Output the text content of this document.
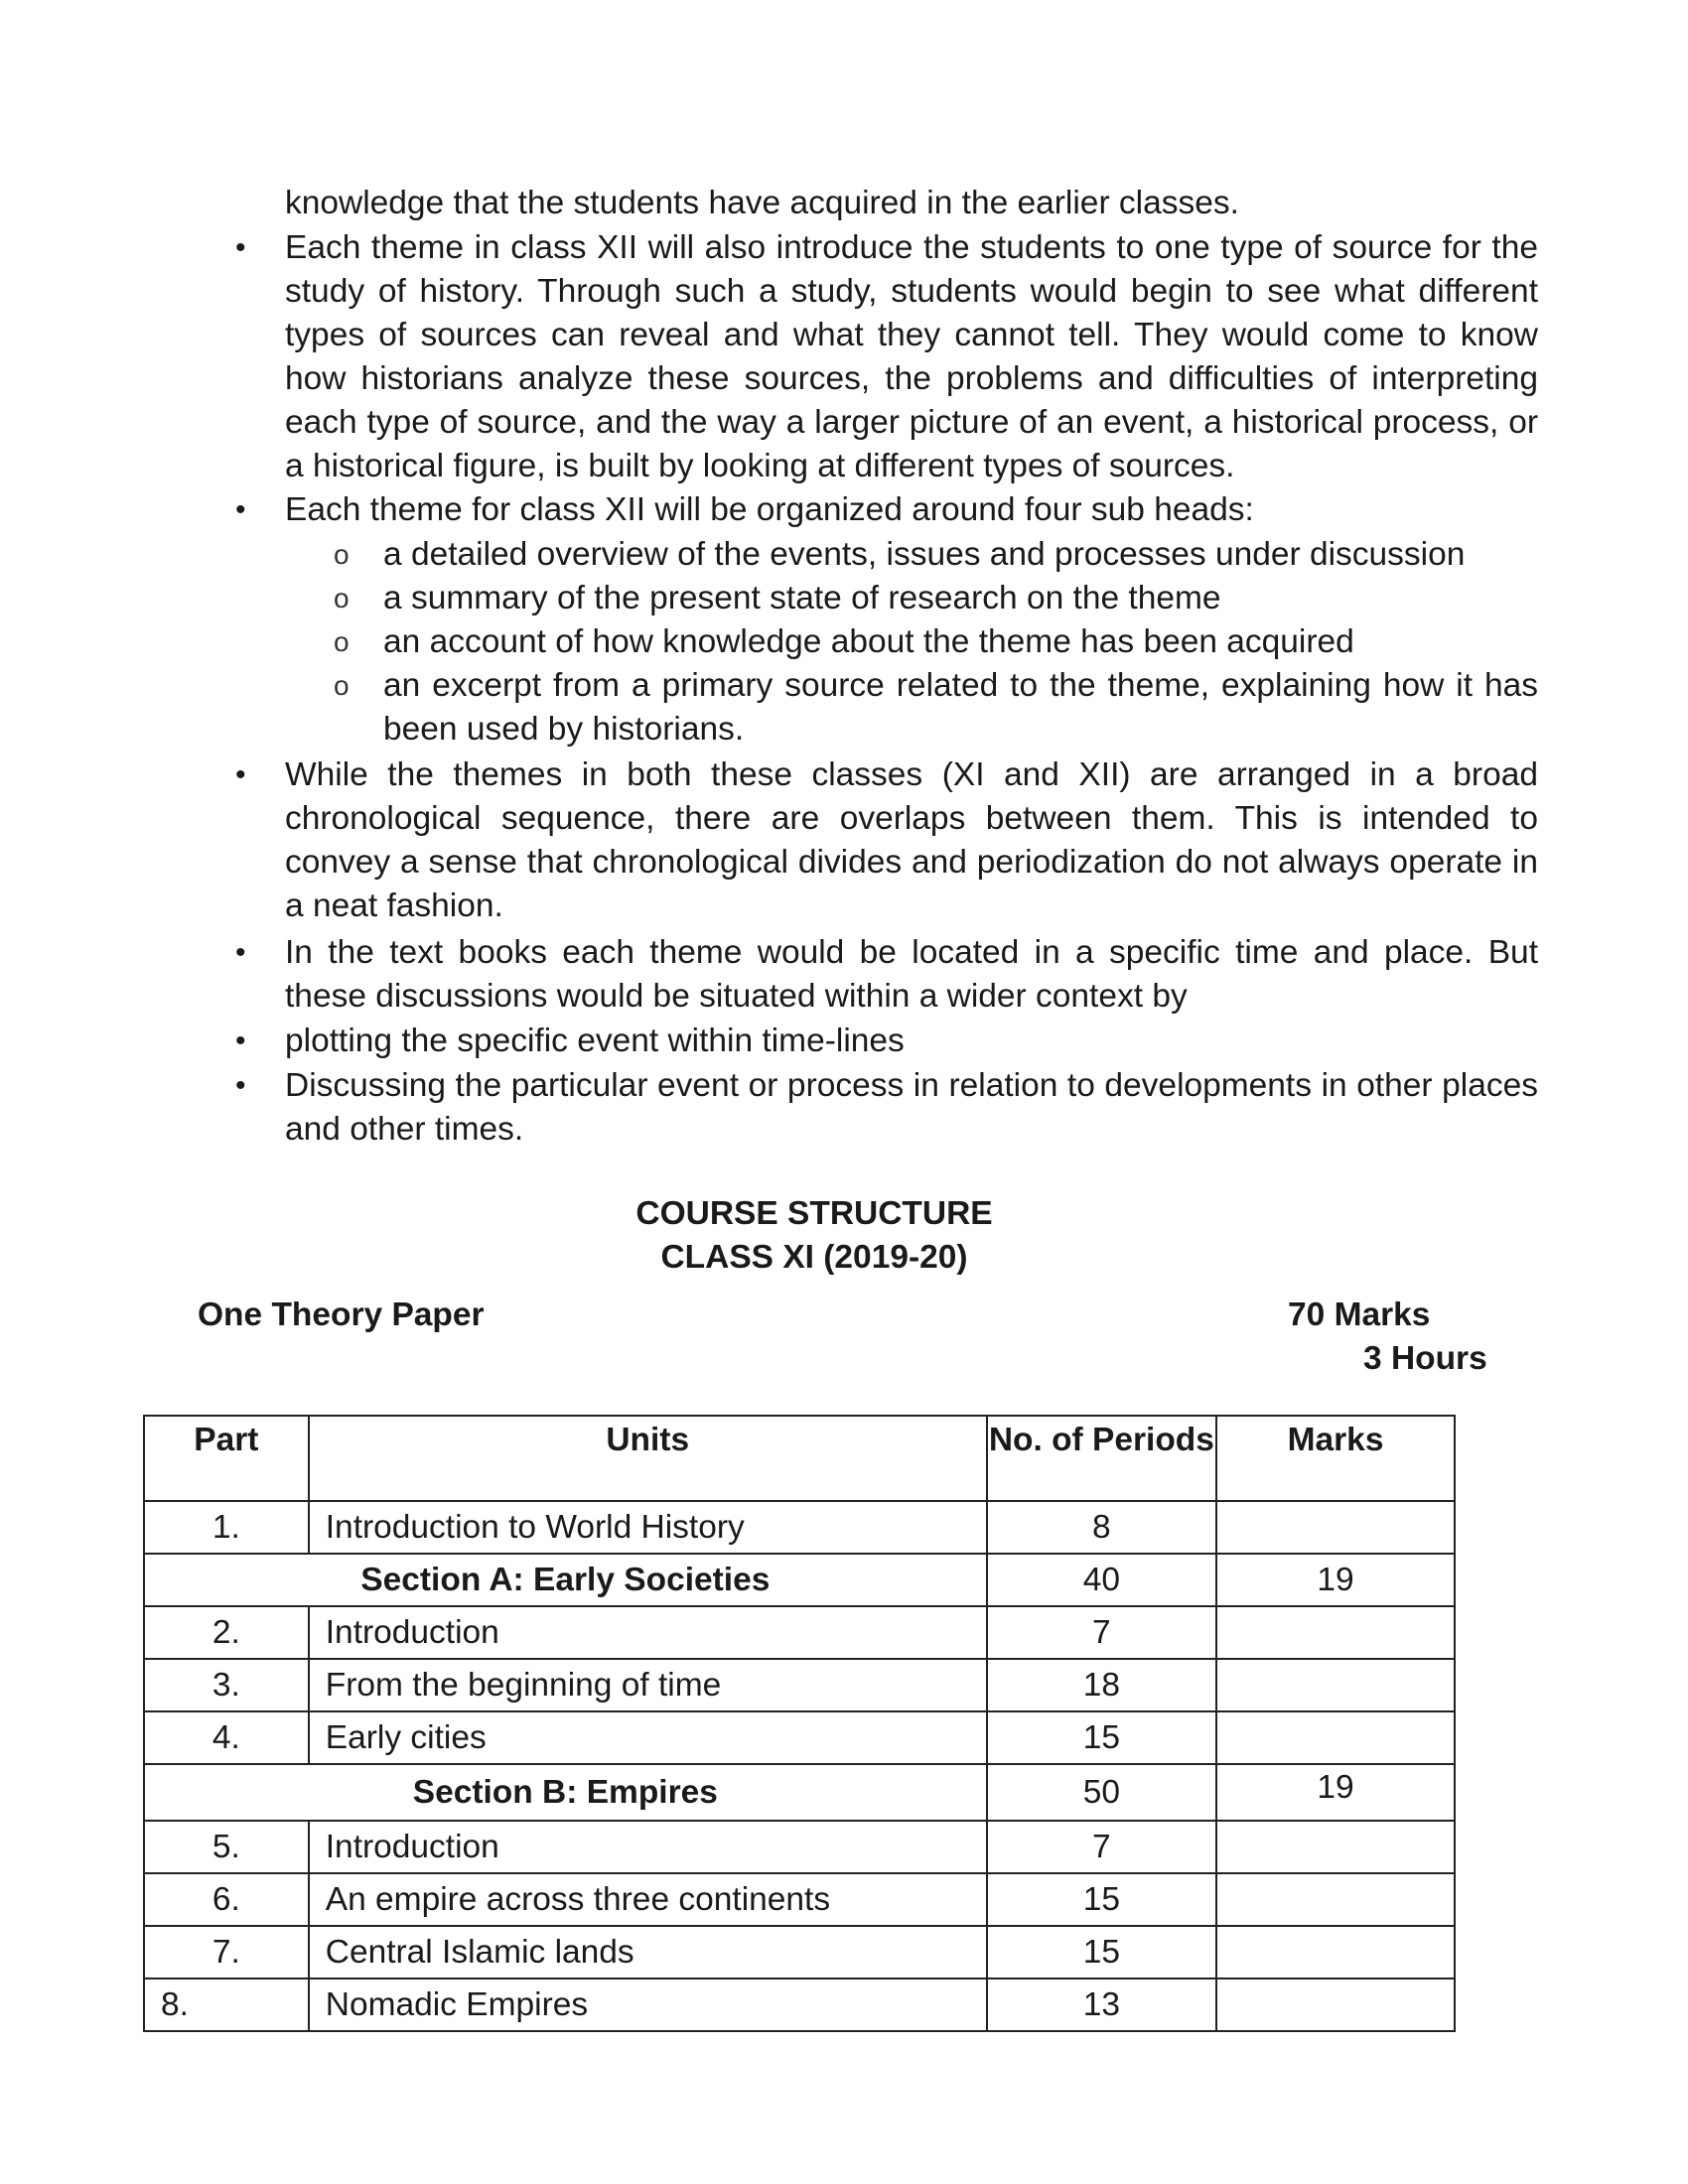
knowledge that the students have acquired in the earlier classes.
• Each theme in class XII will also introduce the students to one type of source for the study of history. Through such a study, students would begin to see what different types of sources can reveal and what they cannot tell. They would come to know how historians analyze these sources, the problems and difficulties of interpreting each type of source, and the way a larger picture of an event, a historical process, or a historical figure, is built by looking at different types of sources.
• Each theme for class XII will be organized around four sub heads:
o a detailed overview of the events, issues and processes under discussion
o a summary of the present state of research on the theme
o an account of how knowledge about the theme has been acquired
o an excerpt from a primary source related to the theme, explaining how it has been used by historians.
• While the themes in both these classes (XI and XII) are arranged in a broad chronological sequence, there are overlaps between them. This is intended to convey a sense that chronological divides and periodization do not always operate in a neat fashion.
• In the text books each theme would be located in a specific time and place. But these discussions would be situated within a wider context by
• plotting the specific event within time-lines
• Discussing the particular event or process in relation to developments in other places and other times.
COURSE STRUCTURE
CLASS XI (2019-20)
One Theory Paper	70 Marks
3 Hours
Part	Units	No. of Periods	Marks
1.	Introduction to World History	8	
Section A: Early Societies		40	19
2.	Introduction	7	
3.	From the beginning of time	18	
4.	Early cities	15	
Section B: Empires		50	19
5.	Introduction	7	
6.	An empire across three continents	15	
7.	Central Islamic lands	15	
8.	Nomadic Empires	13	
